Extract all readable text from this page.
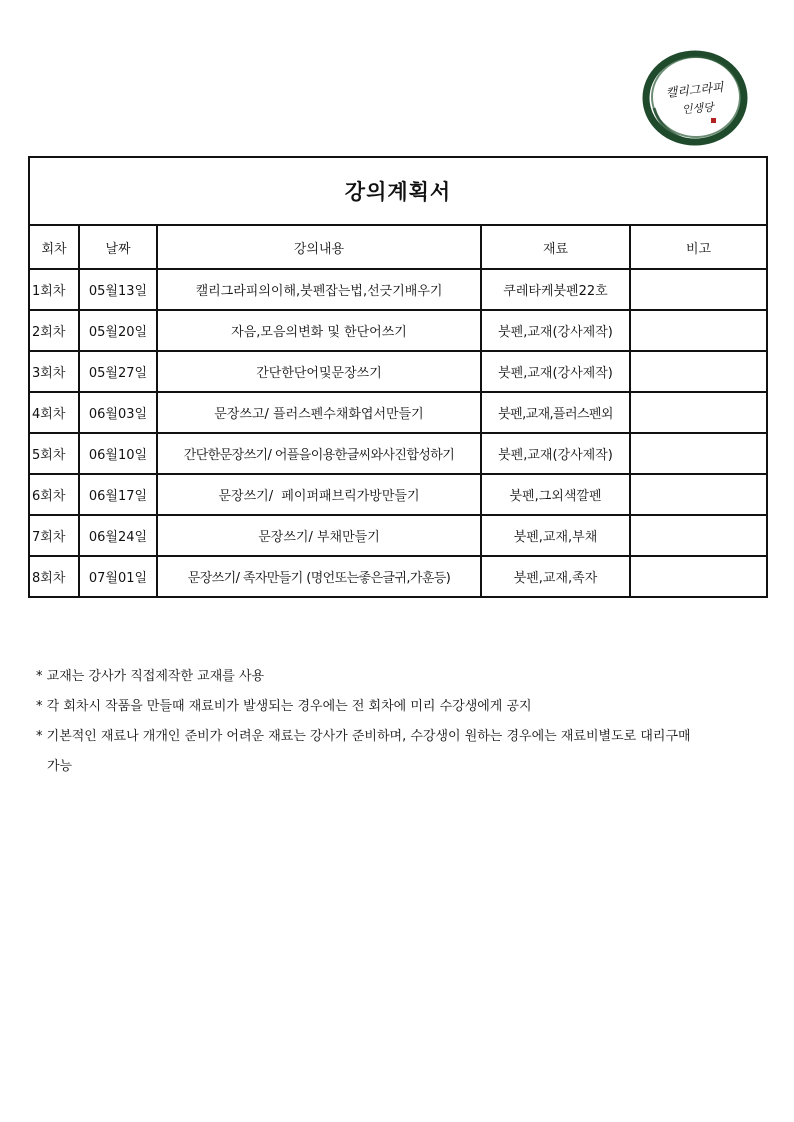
캘리그라피
인생당
강의계획서				
회차	날짜	강의내용	재료	비고
1회차	05월13일	캘리그라피의이해,붓펜잡는법,선긋기배우기	쿠레타케붓펜22호	
2회차	05월20일	자음,모음의변화 및 한단어쓰기	붓펜,교재(강사제작)	
3회차	05월27일	간단한단어및문장쓰기	붓펜,교재(강사제작)	
4회차	06월03일	문장쓰고/ 플러스펜수채화엽서만들기	붓펜,교재,플러스펜외	
5회차	06월10일	간단한문장쓰기/ 어플을이용한글씨와사진합성하기	붓펜,교재(강사제작)	
6회차	06월17일	문장쓰기/  페이퍼패브릭가방만들기	붓펜,그외색깔펜	
7회차	06월24일	문장쓰기/ 부채만들기	붓펜,교재,부채	
8회차	07월01일	문장쓰기/ 족자만들기 (명언또는좋은글귀,가훈등)	붓펜,교재,족자	
* 교재는 강사가 직접제작한 교재를 사용
* 각 회차시 작품을 만들때 재료비가 발생되는 경우에는 전 회차에 미리 수강생에게 공지
* 기본적인 재료나 개개인 준비가 어려운 재료는 강사가 준비하며, 수강생이 원하는 경우에는 재료비별도로 대리구매
가능
